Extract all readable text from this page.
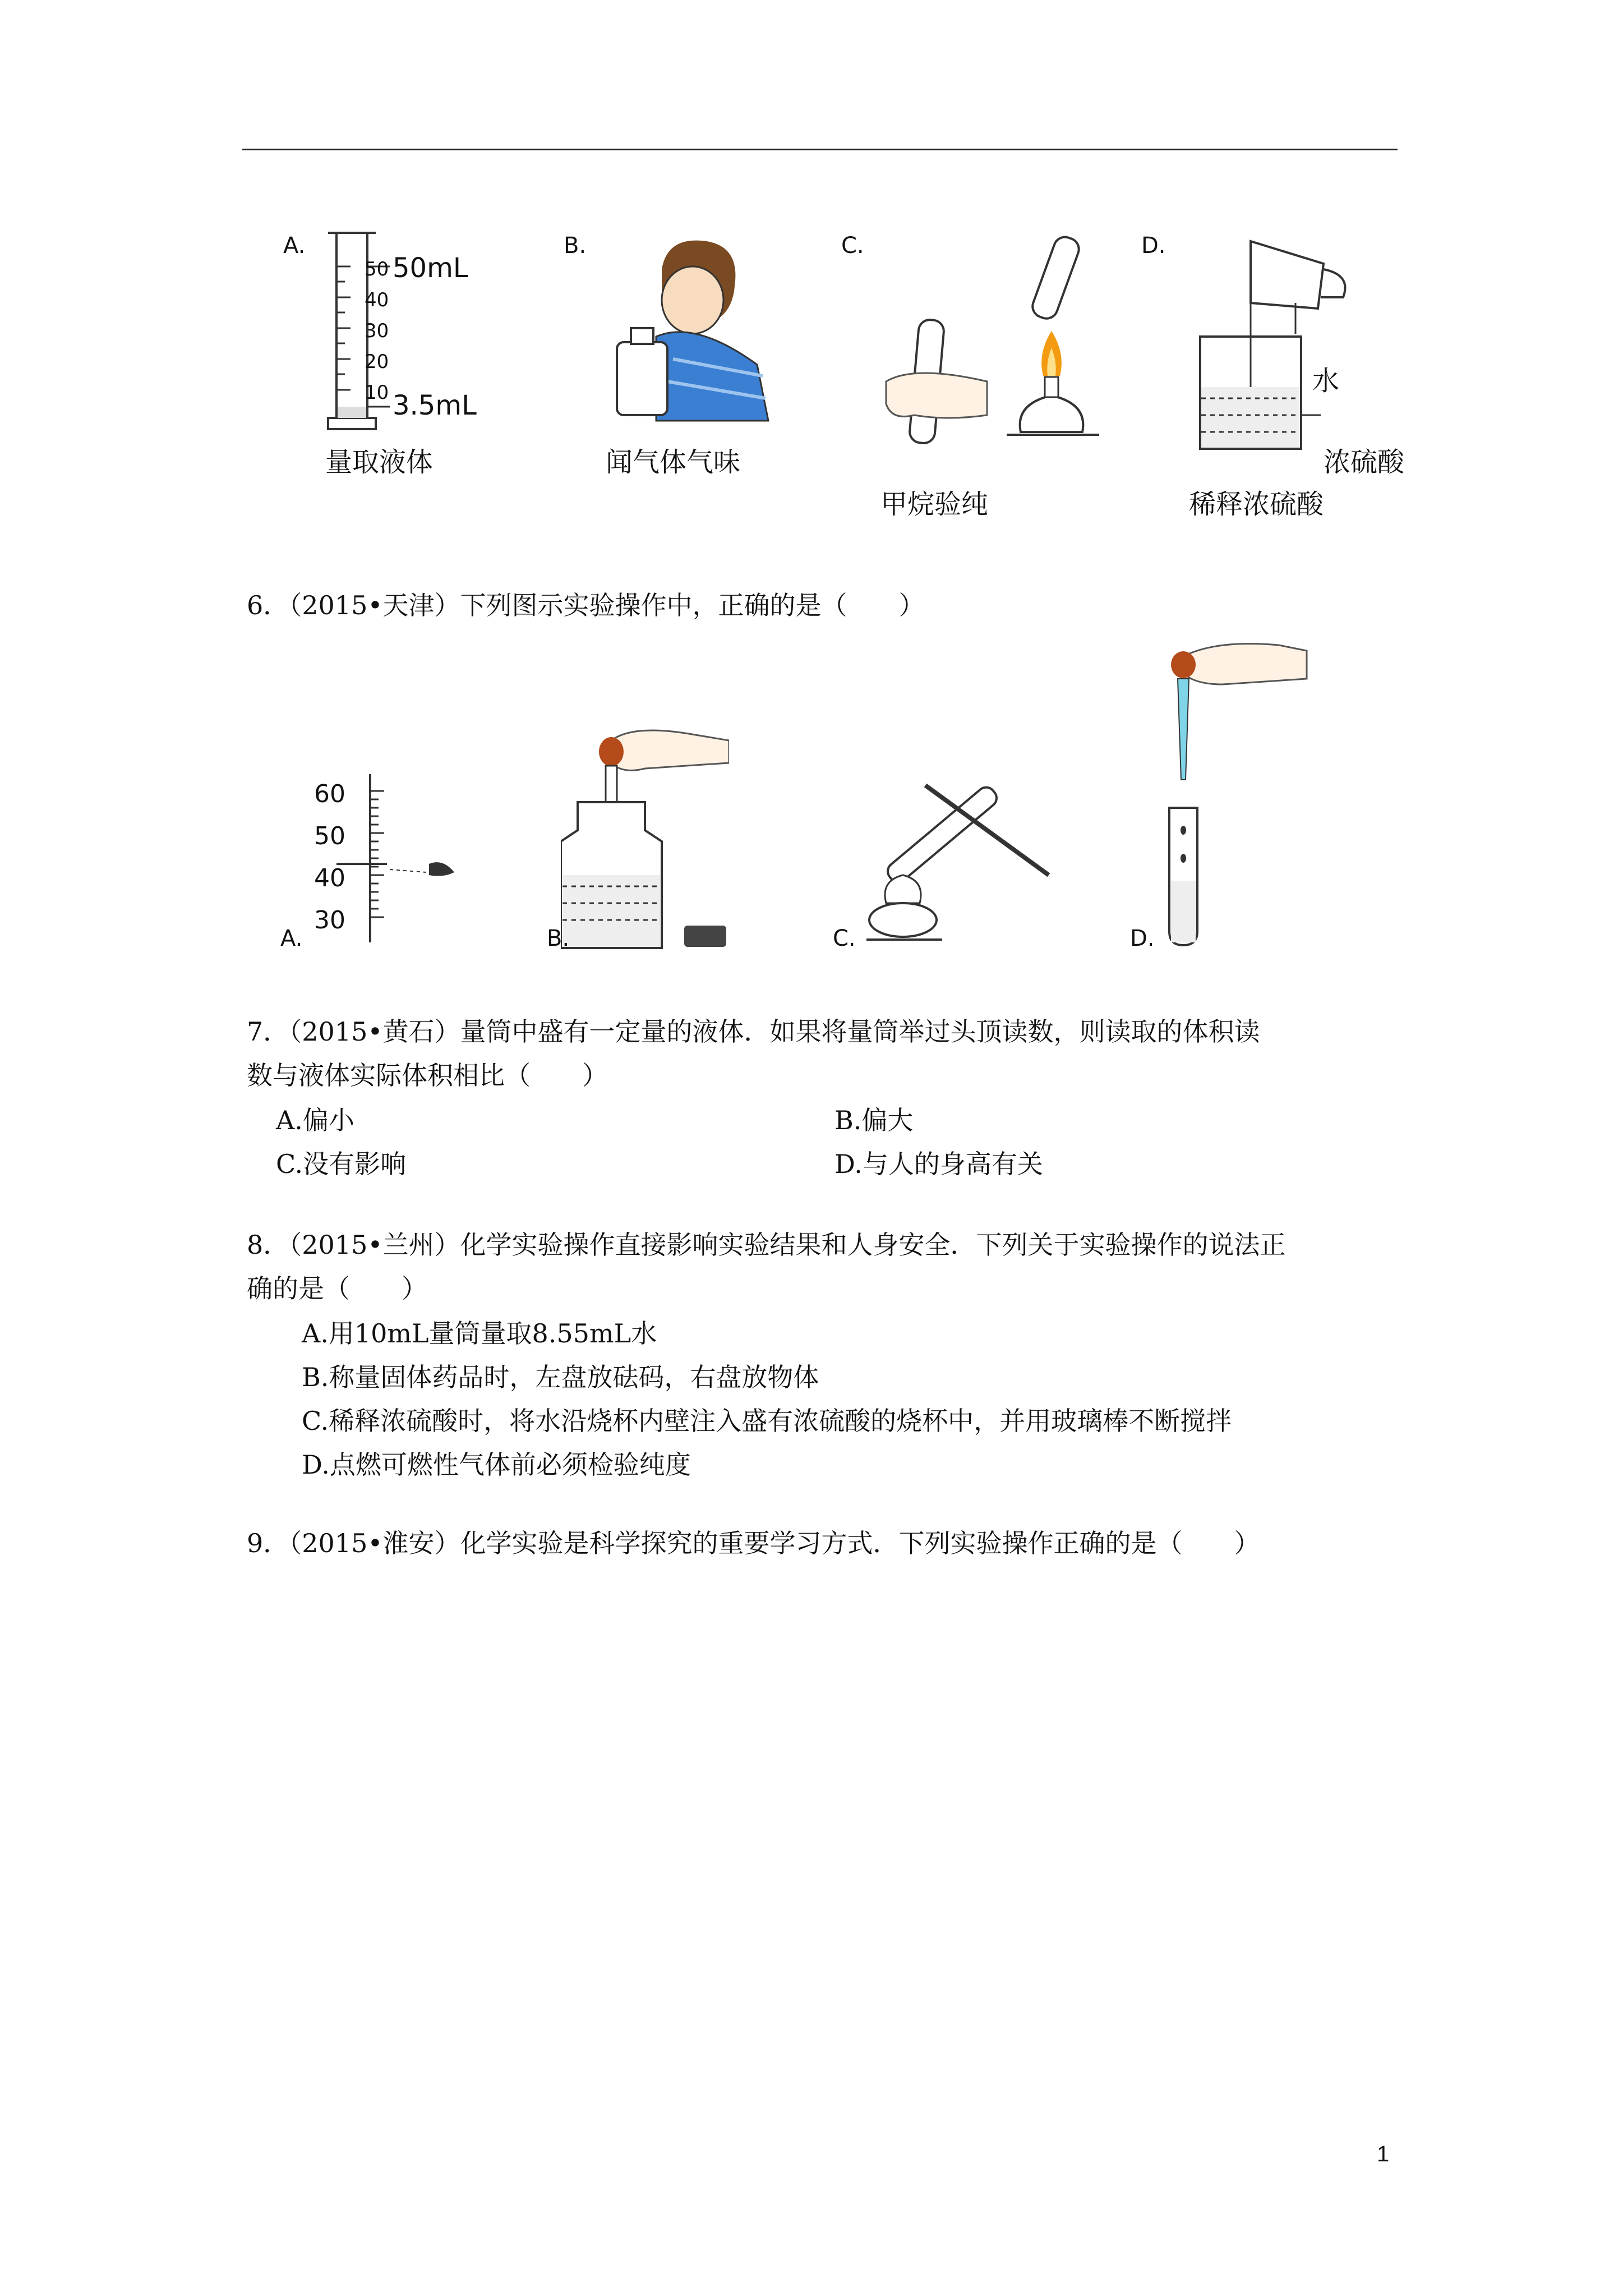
A.
50
40
30
20
10
50mL
3.5mL
量取液体
B.
闻气体气味
C.
甲烷验纯
D.
水
浓硫酸
稀释浓硫酸
6．（2015•天津）下列图示实验操作中，正确的是（　　）
60
50
40
30
A.	B.	C.	D.
7．（2015•黄石）量筒中盛有一定量的液体．如果将量筒举过头顶读数，则读取的体积读
数与液体实际体积相比（　　）
A.偏小	B.偏大
C.没有影响	D.与人的身高有关
8．（2015•兰州）化学实验操作直接影响实验结果和人身安全．下列关于实验操作的说法正
确的是（　　）
A.用10mL量筒量取8.55mL水
B.称量固体药品时，左盘放砝码，右盘放物体
C.稀释浓硫酸时，将水沿烧杯内壁注入盛有浓硫酸的烧杯中，并用玻璃棒不断搅拌
D.点燃可燃性气体前必须检验纯度
9．（2015•淮安）化学实验是科学探究的重要学习方式．下列实验操作正确的是（　　）
1
